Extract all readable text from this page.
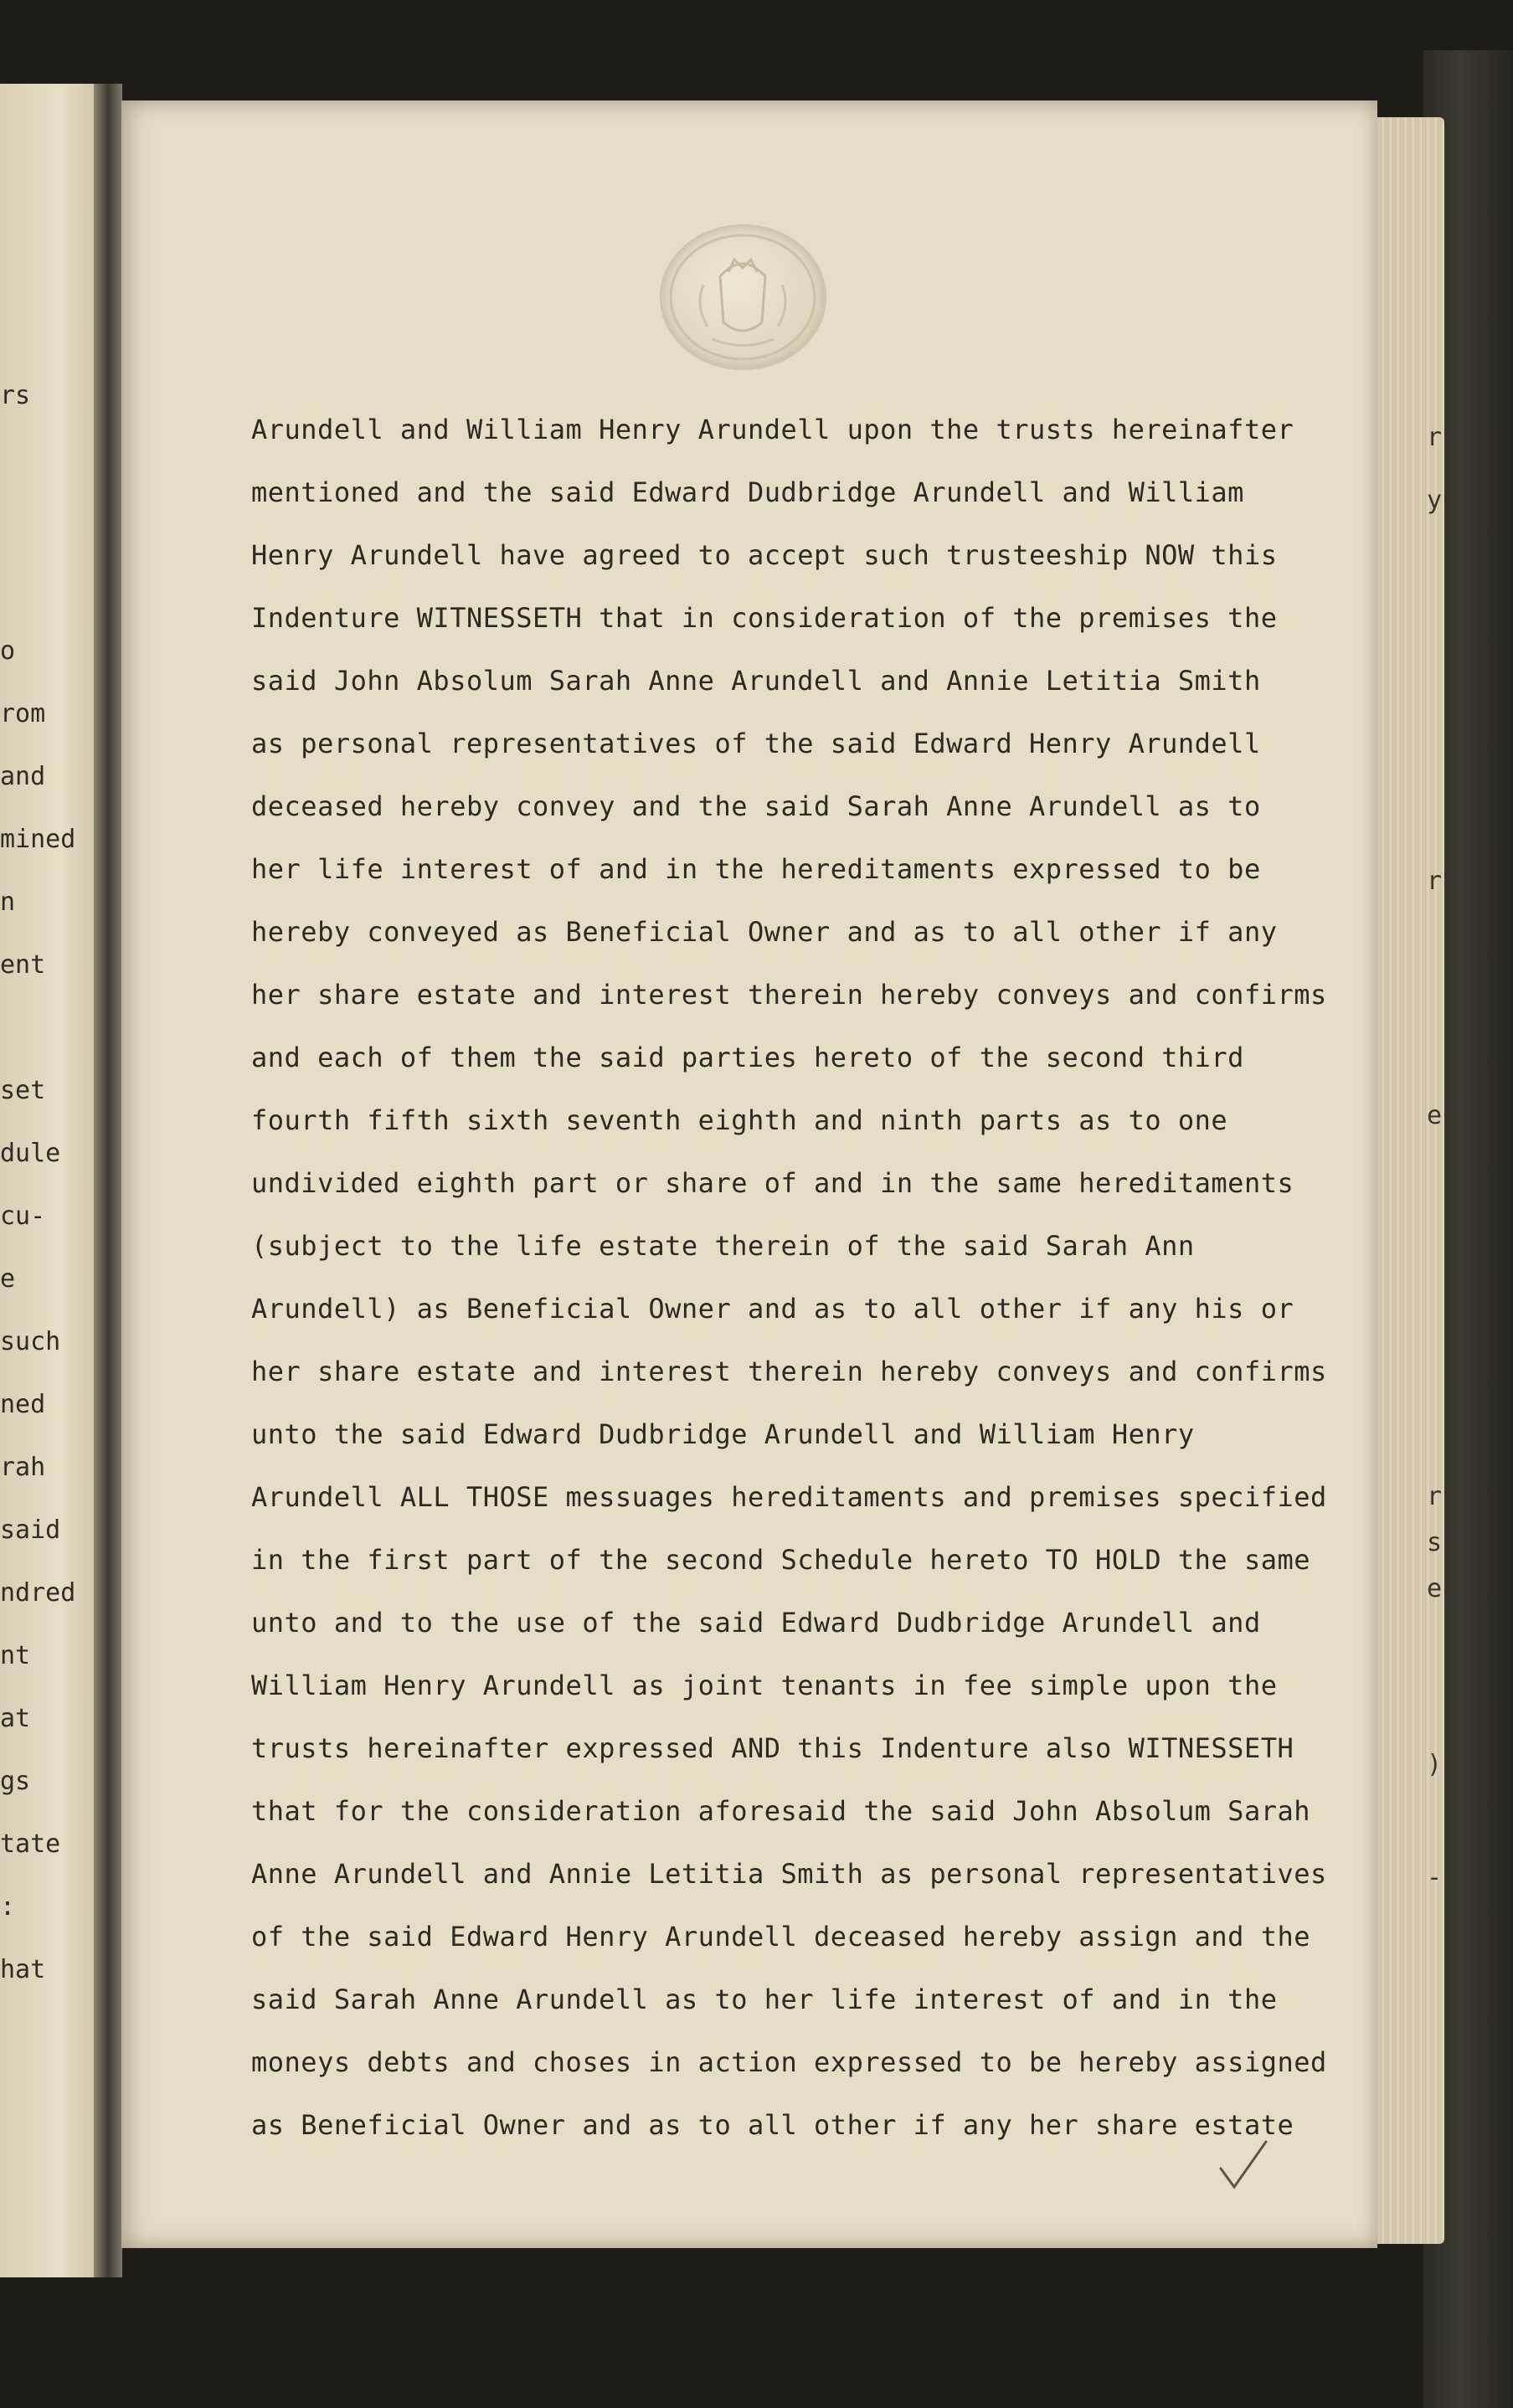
r
y
r
e
r
s
e
)
-
rs
o
rom
and
mined
n
ent
set
dule
cu-
e
such
ned
rah
said
ndred
nt
at
gs
tate
:
hat
Arundell and William Henry Arundell upon the trusts hereinafter
mentioned and the said Edward Dudbridge Arundell and William
Henry Arundell have agreed to accept such trusteeship NOW this
Indenture WITNESSETH that in consideration of the premises the
said John Absolum Sarah Anne Arundell and Annie Letitia Smith
as personal representatives of the said Edward Henry Arundell
deceased hereby convey and the said Sarah Anne Arundell as to
her life interest of and in the hereditaments expressed to be
hereby conveyed as Beneficial Owner and as to all other if any
her share estate and interest therein hereby conveys and confirms
and each of them the said parties hereto of the second third
fourth fifth sixth seventh eighth and ninth parts as to one
undivided eighth part or share of and in the same hereditaments
(subject to the life estate therein of the said Sarah Ann
Arundell) as Beneficial Owner and as to all other if any his or
her share estate and interest therein hereby conveys and confirms
unto the said Edward Dudbridge Arundell and William Henry
Arundell ALL THOSE messuages hereditaments and premises specified
in the first part of the second Schedule hereto TO HOLD the same
unto and to the use of the said Edward Dudbridge Arundell and
William Henry Arundell as joint tenants in fee simple upon the
trusts hereinafter expressed AND this Indenture also WITNESSETH
that for the consideration aforesaid the said John Absolum Sarah
Anne Arundell and Annie Letitia Smith as personal representatives
of the said Edward Henry Arundell deceased hereby assign and the
said Sarah Anne Arundell as to her life interest of and in the
moneys debts and choses in action expressed to be hereby assigned
as Beneficial Owner and as to all other if any her share estate
